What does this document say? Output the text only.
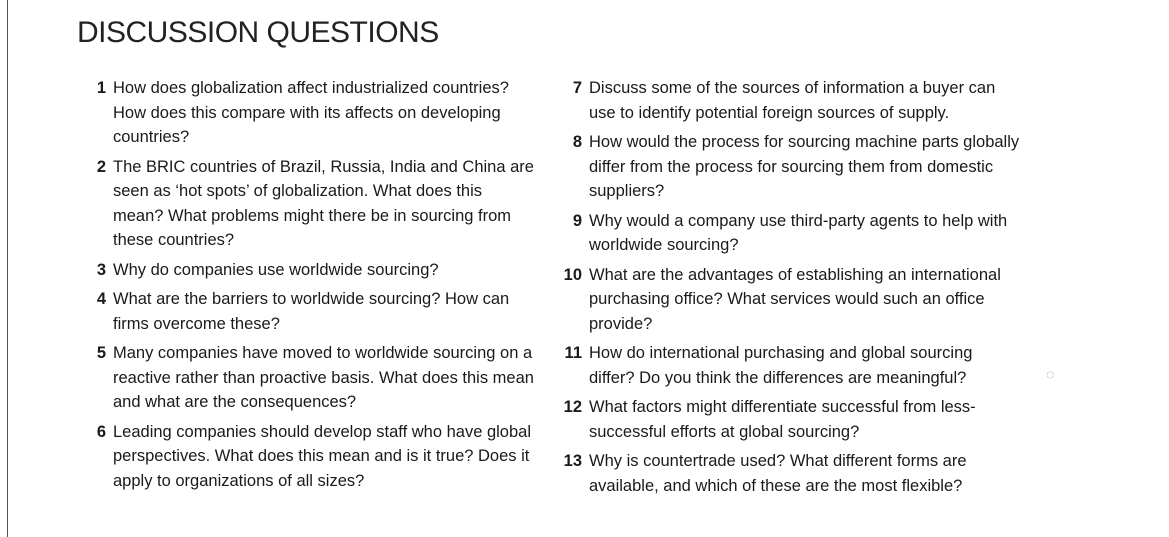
DISCUSSION QUESTIONS
1 How does globalization affect industrialized countries? How does this compare with its affects on developing countries?
2 The BRIC countries of Brazil, Russia, India and China are seen as ‘hot spots’ of globalization. What does this mean? What problems might there be in sourcing from these countries?
3 Why do companies use worldwide sourcing?
4 What are the barriers to worldwide sourcing? How can firms overcome these?
5 Many companies have moved to worldwide sourcing on a reactive rather than proactive basis. What does this mean and what are the consequences?
6 Leading companies should develop staff who have global perspectives. What does this mean and is it true? Does it apply to organizations of all sizes?
7 Discuss some of the sources of information a buyer can use to identify potential foreign sources of supply.
8 How would the process for sourcing machine parts globally differ from the process for sourcing them from domestic suppliers?
9 Why would a company use third-party agents to help with worldwide sourcing?
10 What are the advantages of establishing an international purchasing office? What services would such an office provide?
11 How do international purchasing and global sourcing differ? Do you think the differences are meaningful?
12 What factors might differentiate successful from less-successful efforts at global sourcing?
13 Why is countertrade used? What different forms are available, and which of these are the most flexible?
◌
